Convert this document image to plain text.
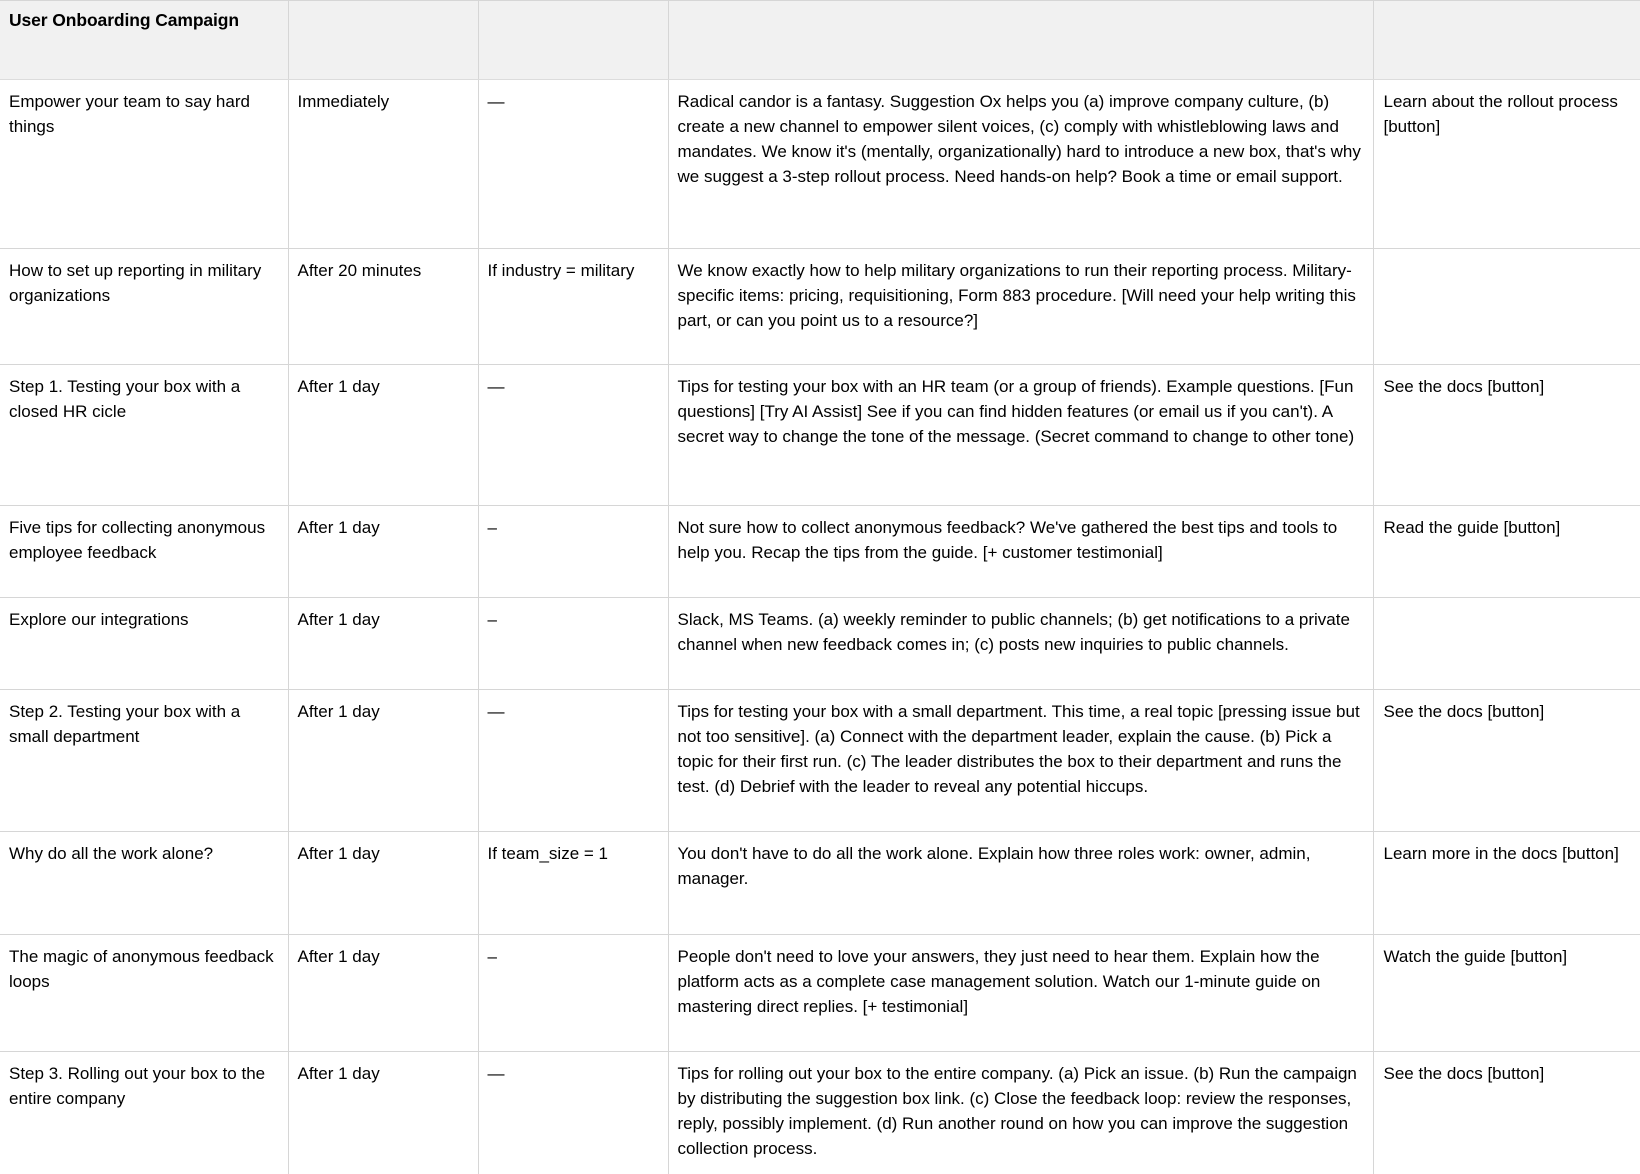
User Onboarding Campaign				
Empower your team to say hard things	Immediately	—	Radical candor is a fantasy. Suggestion Ox helps you (a) improve company culture, (b) create a new channel to empower silent voices, (c) comply with whistleblowing laws and mandates. We know it's (mentally, organizationally) hard to introduce a new box, that's why we suggest a 3-step rollout process. Need hands-on help? Book a time or email support.	Learn about the rollout process [button]
How to set up reporting in military organizations	After 20 minutes	If industry = military	We know exactly how to help military organizations to run their reporting process. Military-specific items: pricing, requisitioning, Form 883 procedure. [Will need your help writing this part, or can you point us to a resource?]	
Step 1. Testing your box with a closed HR cicle	After 1 day	—	Tips for testing your box with an HR team (or a group of friends). Example questions. [Fun questions] [Try AI Assist] See if you can find hidden features (or email us if you can't). A secret way to change the tone of the message. (Secret command to change to other tone)	See the docs [button]
Five tips for collecting anonymous employee feedback	After 1 day	–	Not sure how to collect anonymous feedback? We've gathered the best tips and tools to help you. Recap the tips from the guide. [+ customer testimonial]	Read the guide [button]
Explore our integrations	After 1 day	–	Slack, MS Teams. (a) weekly reminder to public channels; (b) get notifications to a private channel when new feedback comes in; (c) posts new inquiries to public channels.	
Step 2. Testing your box with a small department	After 1 day	—	Tips for testing your box with a small department. This time, a real topic [pressing issue but not too sensitive]. (a) Connect with the department leader, explain the cause. (b) Pick a topic for their first run. (c) The leader distributes the box to their department and runs the test. (d) Debrief with the leader to reveal any potential hiccups.	See the docs [button]
Why do all the work alone?	After 1 day	If team_size = 1	You don't have to do all the work alone. Explain how three roles work: owner, admin, manager.	Learn more in the docs [button]
The magic of anonymous feedback loops	After 1 day	–	People don't need to love your answers, they just need to hear them. Explain how the platform acts as a complete case management solution. Watch our 1-minute guide on mastering direct replies. [+ testimonial]	Watch the guide [button]
Step 3. Rolling out your box to the entire company	After 1 day	—	Tips for rolling out your box to the entire company. (a) Pick an issue. (b) Run the campaign by distributing the suggestion box link. (c) Close the feedback loop: review the responses, reply, possibly implement. (d) Run another round on how you can improve the suggestion collection process.	See the docs [button]
